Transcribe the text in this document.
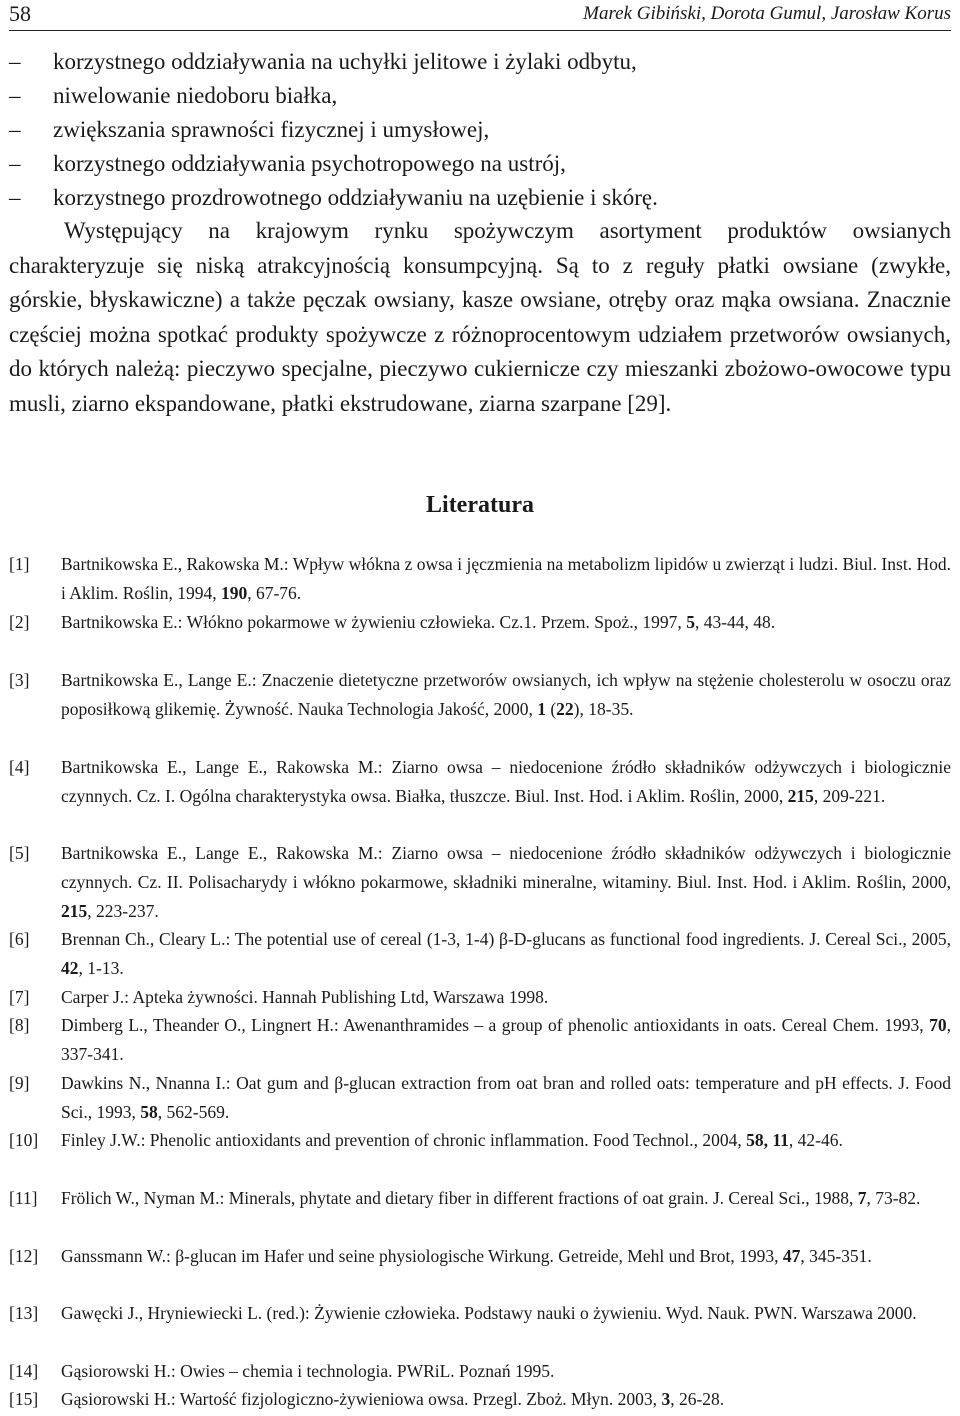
58	Marek Gibiński, Dorota Gumul, Jarosław Korus
–	korzystnego oddziaływania na uchyłki jelitowe i żylaki odbytu,
–	niwelowanie niedoboru białka,
–	zwiększania sprawności fizycznej i umysłowej,
–	korzystnego oddziaływania psychotropowego na ustrój,
–	korzystnego prozdrowotnego oddziaływaniu na uzębienie i skórę.

Występujący na krajowym rynku spożywczym asortyment produktów owsianych charakteryzuje się niską atrakcyjnością konsumpcyjną. Są to z reguły płatki owsiane (zwykłe, górskie, błyskawiczne) a także pęczak owsiany, kasze owsiane, otręby oraz mąka owsiana. Znacznie częściej można spotkać produkty spożywcze z różnoprocentowym udziałem przetworów owsianych, do których należą: pieczywo specjalne, pieczywo cukiernicze czy mieszanki zbożowo-owocowe typu musli, ziarno ekspandowane, płatki ekstrudowane, ziarna szarpane [29].

Literatura
[1] Bartnikowska E., Rakowska M.: Wpływ włókna z owsa i jęczmienia na metabolizm lipidów u zwierząt i ludzi. Biul. Inst. Hod. i Aklim. Roślin, 1994, 190, 67-76.
[2] Bartnikowska E.: Włókno pokarmowe w żywieniu człowieka. Cz.1. Przem. Spoż., 1997, 5, 43-44, 48.
[3] Bartnikowska E., Lange E.: Znaczenie dietetyczne przetworów owsianych, ich wpływ na stężenie cholesterolu w osoczu oraz poposiłkową glikemię. Żywność. Nauka Technologia Jakość, 2000, 1 (22), 18-35.
[4] Bartnikowska E., Lange E., Rakowska M.: Ziarno owsa – niedocenione źródło składników odżywczych i biologicznie czynnych. Cz. I. Ogólna charakterystyka owsa. Białka, tłuszcze. Biul. Inst. Hod. i Aklim. Roślin, 2000, 215, 209-221.
[5] Bartnikowska E., Lange E., Rakowska M.: Ziarno owsa – niedocenione źródło składników odżywczych i biologicznie czynnych. Cz. II. Polisacharydy i włókno pokarmowe, składniki mineralne, witaminy. Biul. Inst. Hod. i Aklim. Roślin, 2000, 215, 223-237.
[6] Brennan Ch., Cleary L.: The potential use of cereal (1-3, 1-4) β-D-glucans as functional food ingredients. J. Cereal Sci., 2005, 42, 1-13.
[7] Carper J.: Apteka żywności. Hannah Publishing Ltd, Warszawa 1998.
[8] Dimberg L., Theander O., Lingnert H.: Awenanthramides – a group of phenolic antioxidants in oats. Cereal Chem. 1993, 70, 337-341.
[9] Dawkins N., Nnanna I.: Oat gum and β-glucan extraction from oat bran and rolled oats: temperature and pH effects. J. Food Sci., 1993, 58, 562-569.
[10] Finley J.W.: Phenolic antioxidants and prevention of chronic inflammation. Food Technol., 2004, 58, 11, 42-46.
[11] Frölich W., Nyman M.: Minerals, phytate and dietary fiber in different fractions of oat grain. J. Cereal Sci., 1988, 7, 73-82.
[12] Ganssmann W.: β-glucan im Hafer und seine physiologische Wirkung. Getreide, Mehl und Brot, 1993, 47, 345-351.
[13] Gawęcki J., Hryniewiecki L. (red.): Żywienie człowieka. Podstawy nauki o żywieniu. Wyd. Nauk. PWN. Warszawa 2000.
[14] Gąsiorowski H.: Owies – chemia i technologia. PWRiL. Poznań 1995.
[15] Gąsiorowski H.: Wartość fizjologiczno-żywieniowa owsa. Przegl. Zboż. Młyn. 2003, 3, 26-28.
